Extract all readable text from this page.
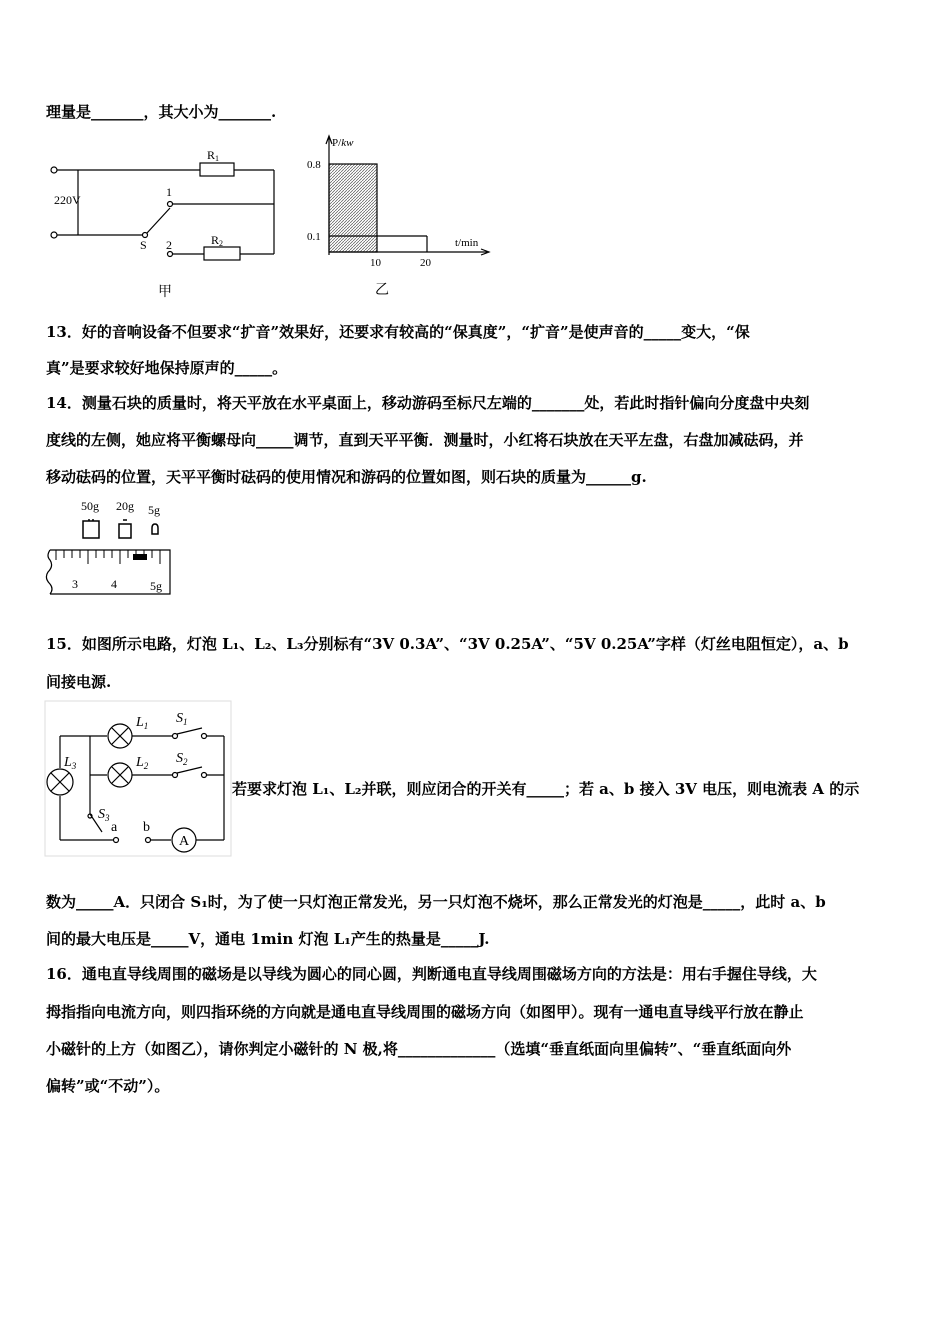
理量是_______，其大小为_______.
R1
R2
220V
1
S 2
甲
P/kw
0.8
0.1	t/min
10	20
乙
13．好的音响设备不但要求“扩音”效果好，还要求有较高的“保真度”，“扩音”是使声音的_____变大，“保
真”是要求较好地保持原声的_____。
14．测量石块的质量时，将天平放在水平桌面上，移动游码至标尺左端的_______处，若此时指针偏向分度盘中央刻
度线的左侧，她应将平衡螺母向_____调节，直到天平平衡．测量时，小红将石块放在天平左盘，右盘加减砝码，并
移动砝码的位置，天平平衡时砝码的使用情况和游码的位置如图，则石块的质量为______g.
50g 20g 5g
3	4	5g
15．如图所示电路，灯泡 L₁、L₂、L₃分别标有“3V 0.3A”、“3V 0.25A”、“5V 0.25A”字样（灯丝电阻恒定），a、b
间接电源.
$L_1$
$L_2$
$L_3$
$S_1$
$S_2$
$S_3$
a b
A
若要求灯泡 L₁、L₂并联，则应闭合的开关有_____；若 a、b 接入 3V 电压，则电流表 A 的示
数为_____A．只闭合 S₁时，为了使一只灯泡正常发光，另一只灯泡不烧坏，那么正常发光的灯泡是_____，此时 a、b
间的最大电压是_____V，通电 1min 灯泡 L₁产生的热量是_____J.
16．通电直导线周围的磁场是以导线为圆心的同心圆，判断通电直导线周围磁场方向的方法是：用右手握住导线，大
拇指指向电流方向，则四指环绕的方向就是通电直导线周围的磁场方向（如图甲）。现有一通电直导线平行放在静止
小磁针的上方（如图乙），请你判定小磁针的 N 极,将_____________（选填“垂直纸面向里偏转”、“垂直纸面向外
偏转”或“不动”）。
